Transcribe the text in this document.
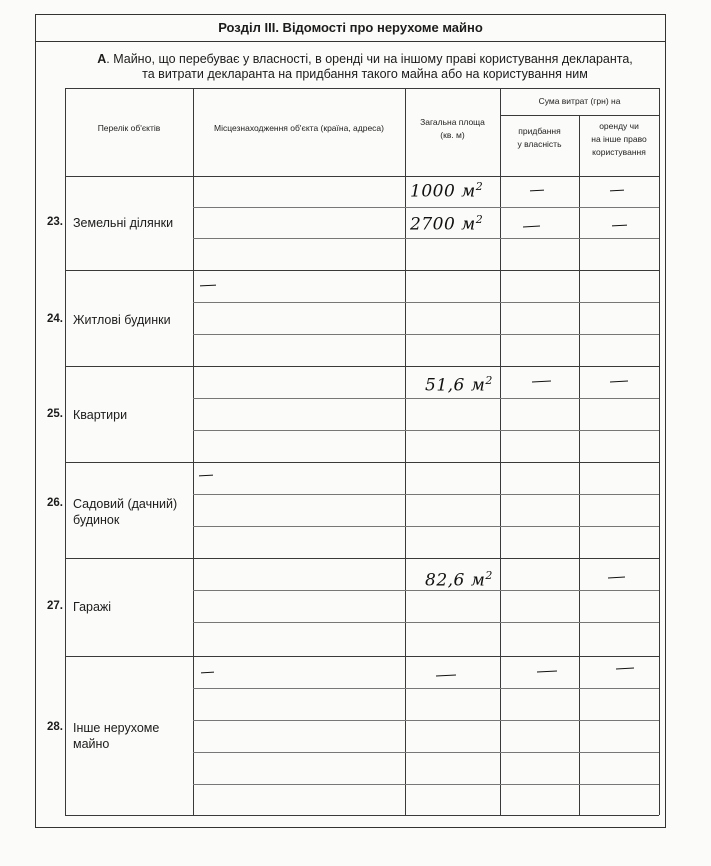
Розділ ІІІ. Відомості про нерухоме майно
А. Майно, що перебуває у власності, в оренді чи на іншому праві користування декларанта,
та витрати декларанта на придбання такого майна або на користування ним
Перелік об'єктів	Місцезнаходження об'єкта (країна, адреса)
Загальна площа
(кв. м)
Сума витрат (грн) на
придбання
у власність
оренду чи
на інше право
користування
23. Земельні ділянки
24. Житлові будинки
25. Квартири
26. Садовий (дачний)
будинок
27. Гаражі
28. Інше нерухоме
майно
1000 $м^2$
2700 $м^2$
51,6 $м^2$
82,6 $м^2$
